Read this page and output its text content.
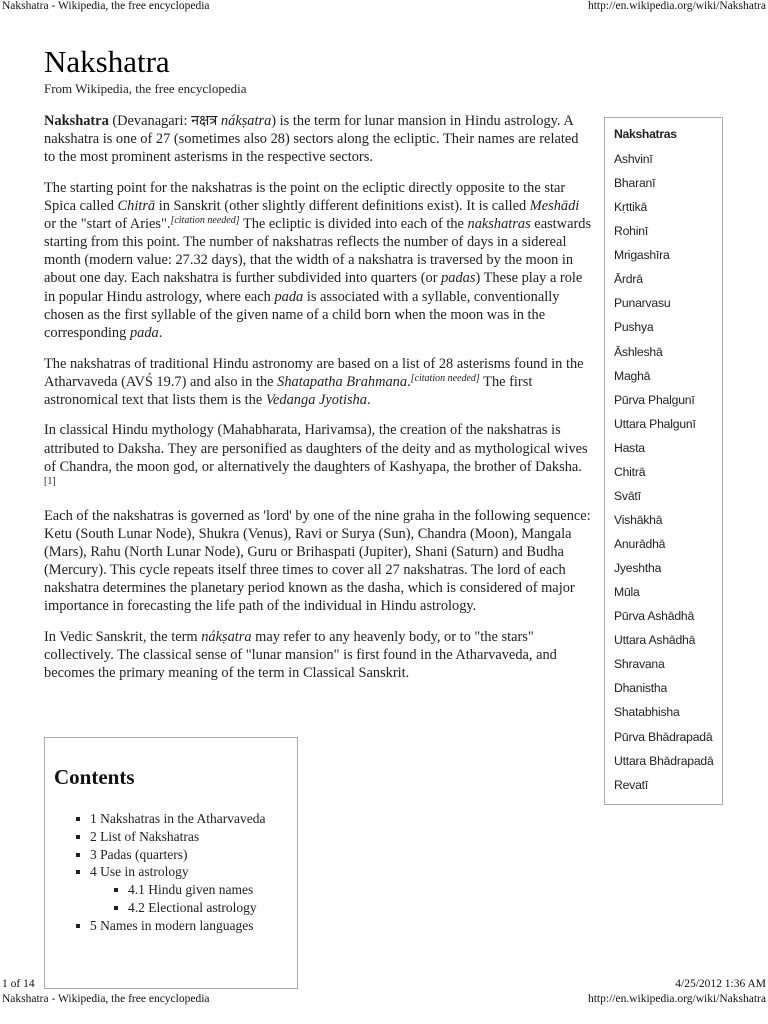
Nakshatra - Wikipedia, the free encyclopedia	http://en.wikipedia.org/wiki/Nakshatra
Nakshatra
From Wikipedia, the free encyclopedia

Nakshatra (Devanagari: नक्षत्र nákṣatra) is the term for lunar mansion in Hindu astrology. A nakshatra is one of 27 (sometimes also 28) sectors along the ecliptic. Their names are related to the most prominent asterisms in the respective sectors.

The starting point for the nakshatras is the point on the ecliptic directly opposite to the star Spica called Chitrā in Sanskrit (other slightly different definitions exist). It is called Meshādi or the "start of Aries".[citation needed] The ecliptic is divided into each of the nakshatras eastwards starting from this point. The number of nakshatras reflects the number of days in a sidereal month (modern value: 27.32 days), that the width of a nakshatra is traversed by the moon in about one day. Each nakshatra is further subdivided into quarters (or padas) These play a role in popular Hindu astrology, where each pada is associated with a syllable, conventionally chosen as the first syllable of the given name of a child born when the moon was in the corresponding pada.

The nakshatras of traditional Hindu astronomy are based on a list of 28 asterisms found in the Atharvaveda (AVŚ 19.7) and also in the Shatapatha Brahmana.[citation needed] The first astronomical text that lists them is the Vedanga Jyotisha.

In classical Hindu mythology (Mahabharata, Harivamsa), the creation of the nakshatras is attributed to Daksha. They are personified as daughters of the deity and as mythological wives of Chandra, the moon god, or alternatively the daughters of Kashyapa, the brother of Daksha.[1]

Each of the nakshatras is governed as 'lord' by one of the nine graha in the following sequence: Ketu (South Lunar Node), Shukra (Venus), Ravi or Surya (Sun), Chandra (Moon), Mangala (Mars), Rahu (North Lunar Node), Guru or Brihaspati (Jupiter), Shani (Saturn) and Budha (Mercury). This cycle repeats itself three times to cover all 27 nakshatras. The lord of each nakshatra determines the planetary period known as the dasha, which is considered of major importance in forecasting the life path of the individual in Hindu astrology.

In Vedic Sanskrit, the term nákṣatra may refer to any heavenly body, or to "the stars" collectively. The classical sense of "lunar mansion" is first found in the Atharvaveda, and becomes the primary meaning of the term in Classical Sanskrit.

Nakshatras
Ashvinī
Bharanī
Kṛttikā
Rohinī
Mrigashīra
Ārdrā
Punarvasu
Pushya
Āshleshā
Maghā
Pūrva Phalgunī
Uttara Phalgunī
Hasta
Chitrā
Svātī
Vishākhā
Anurādhā
Jyeshtha
Mūla
Pūrva Ashādhā
Uttara Ashādhā
Shravana
Dhanistha
Shatabhisha
Pūrva Bhādrapadā
Uttara Bhādrapadā
Revatī
Contents
1 Nakshatras in the Atharvaveda
2 List of Nakshatras
3 Padas (quarters)
4 Use in astrology
4.1 Hindu given names
4.2 Electional astrology
5 Names in modern languages
1 of 14	4/25/2012 1:36 AM
Nakshatra - Wikipedia, the free encyclopedia	http://en.wikipedia.org/wiki/Nakshatra
